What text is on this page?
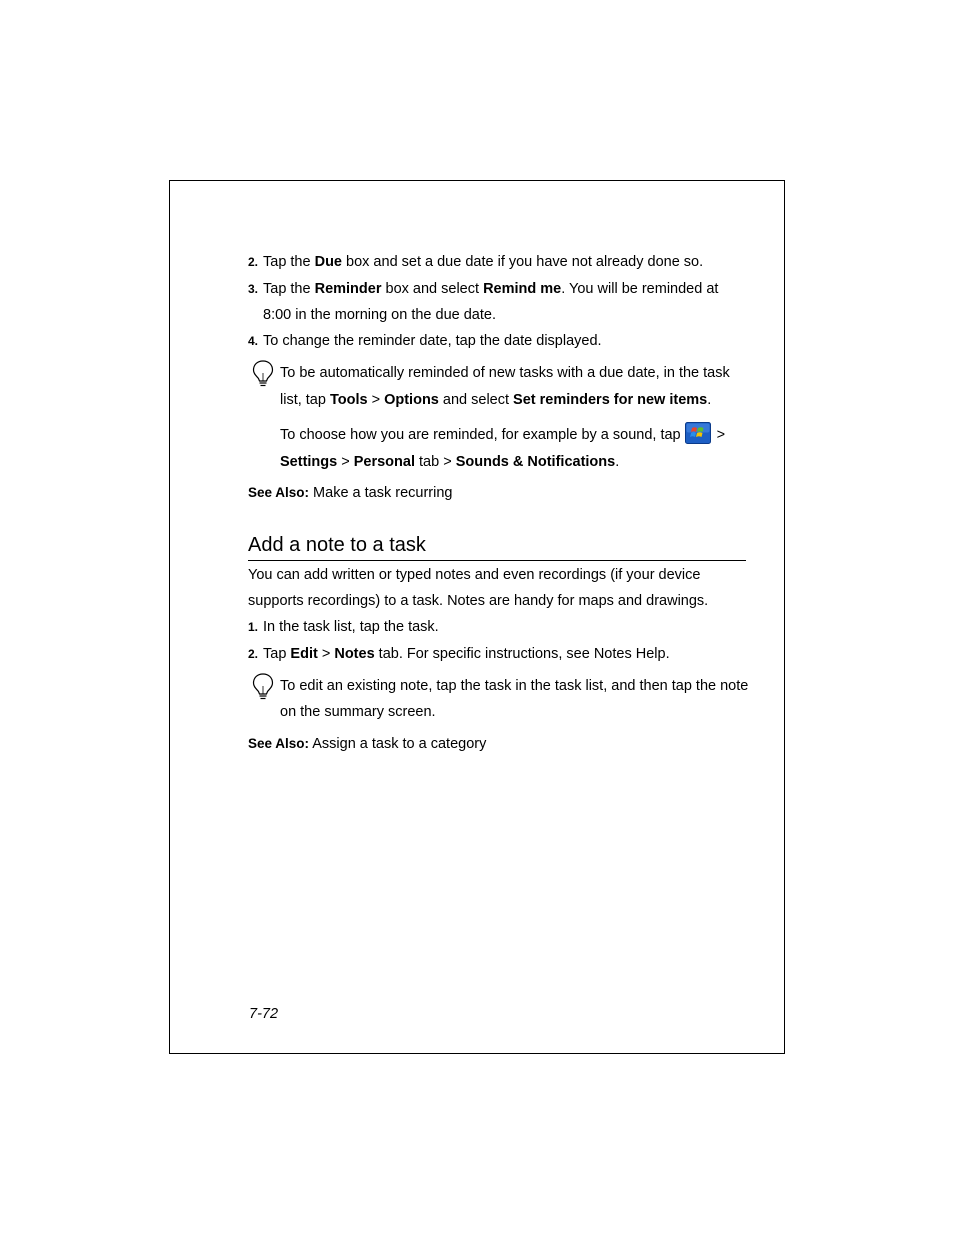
2. Tap the Due box and set a due date if you have not already done so.
3. Tap the Reminder box and select Remind me. You will be reminded at
8:00 in the morning on the due date.
4. To change the reminder date, tap the date displayed.
To be automatically reminded of new tasks with a due date, in the task
list, tap Tools > Options and select Set reminders for new items.
To choose how you are reminded, for example by a sound, tap >
Settings > Personal tab > Sounds & Notifications.
See Also: Make a task recurring
Add a note to a task
You can add written or typed notes and even recordings (if your device
supports recordings) to a task. Notes are handy for maps and drawings.
1. In the task list, tap the task.
2. Tap Edit > Notes tab. For specific instructions, see Notes Help.
To edit an existing note, tap the task in the task list, and then tap the note
on the summary screen.
See Also: Assign a task to a category
7-72
